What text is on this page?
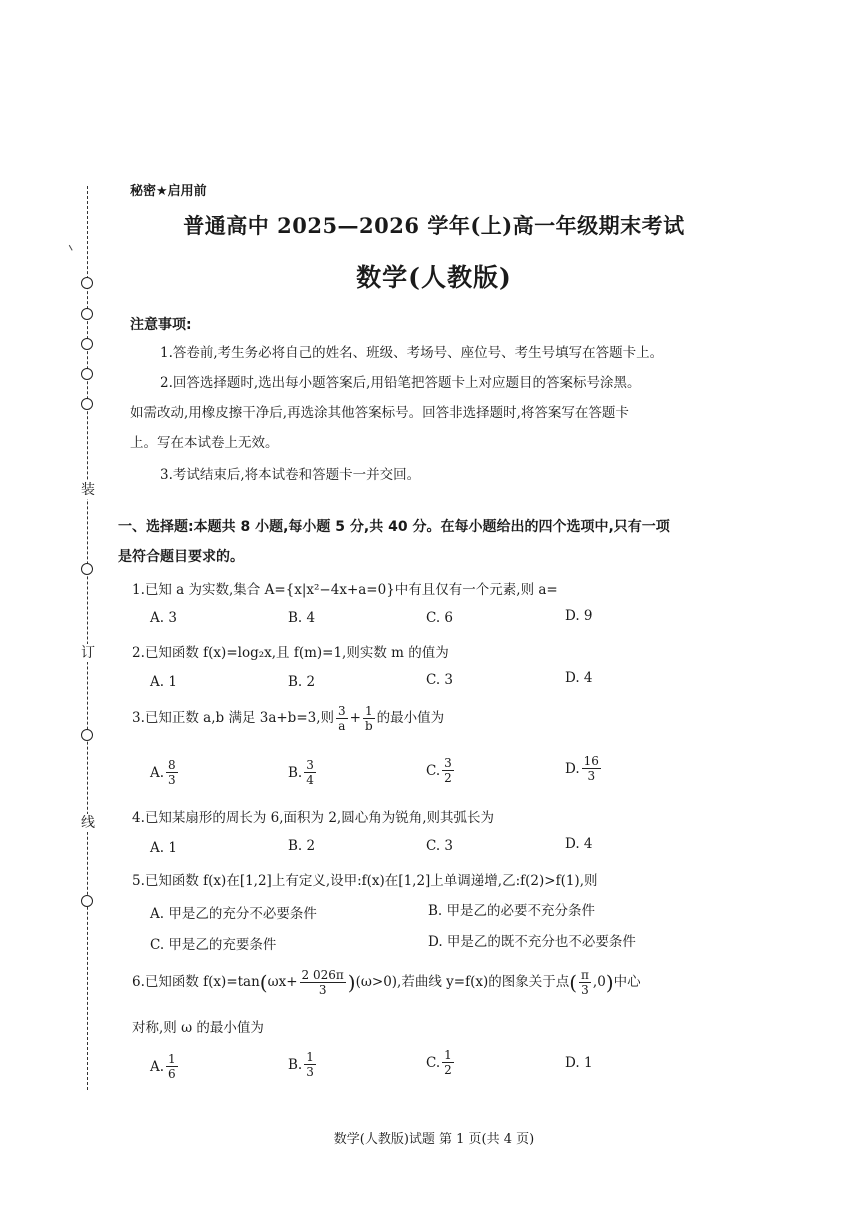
装
订
线
秘密★启用前
普通高中 2025—2026 学年(上)高一年级期末考试
数学(人教版)
注意事项:
1.答卷前,考生务必将自己的姓名、班级、考场号、座位号、考生号填写在答题卡上。
2.回答选择题时,选出每小题答案后,用铅笔把答题卡上对应题目的答案标号涂黑。
如需改动,用橡皮擦干净后,再选涂其他答案标号。回答非选择题时,将答案写在答题卡
上。写在本试卷上无效。
3.考试结束后,将本试卷和答题卡一并交回。
一、选择题:本题共 8 小题,每小题 5 分,共 40 分。在每小题给出的四个选项中,只有一项
是符合题目要求的。
1.已知 a 为实数,集合 A={x|x²−4x+a=0}中有且仅有一个元素,则 a=
A. 3	B. 4	C. 6	D. 9
2.已知函数 f(x)=log₂x,且 f(m)=1,则实数 m 的值为
A. 1	B. 2	C. 3	D. 4
3.已知正数 a,b 满足 3a+b=3,则 $\frac{3}{a} + \frac{1}{b}$ 的最小值为
A. $\frac{8}{3}$	B. $\frac{3}{4}$	C. $\frac{3}{2}$	D. $\frac{16}{3}$
4.已知某扇形的周长为 6,面积为 2,圆心角为锐角,则其弧长为
A. 1	B. 2	C. 3	D. 4
5.已知函数 f(x)在[1,2]上有定义,设甲:f(x)在[1,2]上单调递增,乙:f(2)>f(1),则
A. 甲是乙的充分不必要条件	B. 甲是乙的必要不充分条件
C. 甲是乙的充要条件	D. 甲是乙的既不充分也不必要条件
6.已知函数 $f(x)=\tan(\omega x+ \frac{2 026\pi}{3} )(\omega>0)$,若曲线 y=f(x)的图象关于点( $\frac{\pi}{3} ,0$)中心
对称,则 ω 的最小值为
A. $\frac{1}{6}$	B. $\frac{1}{3}$	C. $\frac{1}{2}$	D. 1
数学(人教版)试题 第 1 页(共 4 页)
